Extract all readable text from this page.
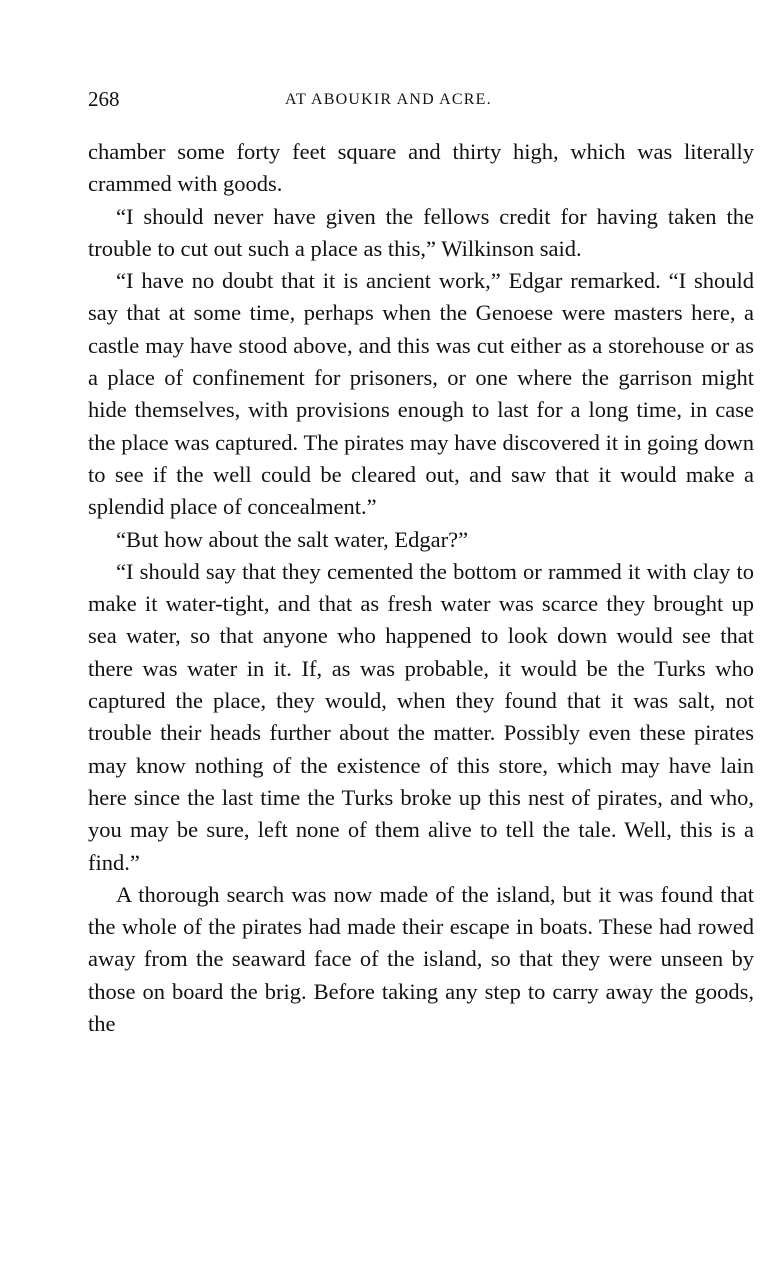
268	AT ABOUKIR AND ACRE.

chamber some forty feet square and thirty high, which was literally crammed with goods.

“I should never have given the fellows credit for having taken the trouble to cut out such a place as this,” Wilkinson said.

“I have no doubt that it is ancient work,” Edgar remarked. “I should say that at some time, perhaps when the Genoese were masters here, a castle may have stood above, and this was cut either as a storehouse or as a place of confinement for prisoners, or one where the garrison might hide themselves, with provisions enough to last for a long time, in case the place was captured. The pirates may have discovered it in going down to see if the well could be cleared out, and saw that it would make a splendid place of concealment.”

“But how about the salt water, Edgar?”

“I should say that they cemented the bottom or rammed it with clay to make it water-tight, and that as fresh water was scarce they brought up sea water, so that anyone who happened to look down would see that there was water in it. If, as was probable, it would be the Turks who captured the place, they would, when they found that it was salt, not trouble their heads further about the matter. Possibly even these pirates may know nothing of the existence of this store, which may have lain here since the last time the Turks broke up this nest of pirates, and who, you may be sure, left none of them alive to tell the tale. Well, this is a find.”

A thorough search was now made of the island, but it was found that the whole of the pirates had made their escape in boats. These had rowed away from the seaward face of the island, so that they were unseen by those on board the brig. Before taking any step to carry away the goods, the
